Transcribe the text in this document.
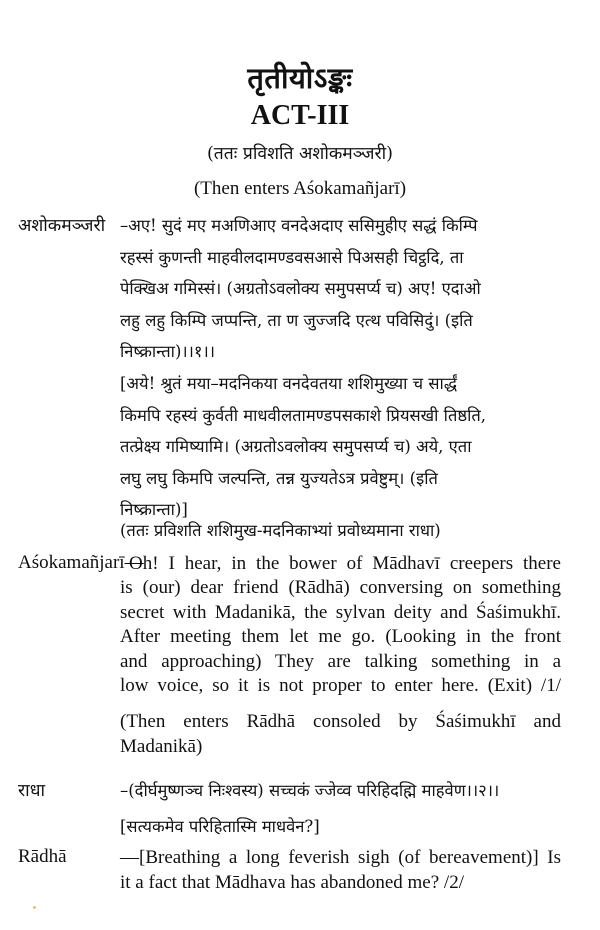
तृतीयोऽङ्कः
ACT-III
(ततः प्रविशति अशोकमञ्जरी)
(Then enters Aśokamañjarī)
अशोकमञ्जरी –अए! सुदं मए मअणिआए वनदेअदाए ससिमुहीए सद्धं किम्पि
रहस्सं कुणन्ती माहवीलदामण्डवसआसे पिअसही चिट्ठदि, ता
पेक्खिअ गमिस्सं। (अग्रतोऽवलोक्य समुपसर्प्य च) अए! एदाओ
लहु लहु किम्पि जप्पन्ति, ता ण जुज्जदि एत्थ पविसिदुं। (इति
निष्क्रान्ता)।।१।।
[अये! श्रुतं मया–मदनिकया वनदेवतया शशिमुख्या च सार्द्धं
किमपि रहस्यं कुर्वती माधवीलतामण्डपसकाशे प्रियसखी तिष्ठति,
तत्प्रेक्ष्य गमिष्यामि। (अग्रतोऽवलोक्य समुपसर्प्य च) अये, एता
लघु लघु किमपि जल्पन्ति, तन्न युज्यतेऽत्र प्रवेष्टुम्। (इति
निष्क्रान्ता)]
(ततः प्रविशति शशिमुख-मदनिकाभ्यां प्रवोध्यमाना राधा)
Aśokamañjarī—
Oh! I hear, in the bower of Mādhavī creepers there
is (our) dear friend (Rādhā) conversing on something
secret with Madanikā, the sylvan deity and Śaśimukhī.
After meeting them let me go. (Looking in the front
and approaching) They are talking something in a
low voice, so it is not proper to enter here. (Exit) /1/
(Then enters Rādhā consoled by Śaśimukhī and
Madanikā)
राधा	–(दीर्घमुष्णञ्च निःश्वस्य) सच्चकं ज्जेव्व परिहिदह्मि माहवेण।।२।।
[सत्यकमेव परिहितास्मि माधवेन?]
Rādhā	—[Breathing a long feverish sigh (of bereavement)] Is
it a fact that Mādhava has abandoned me? /2/
